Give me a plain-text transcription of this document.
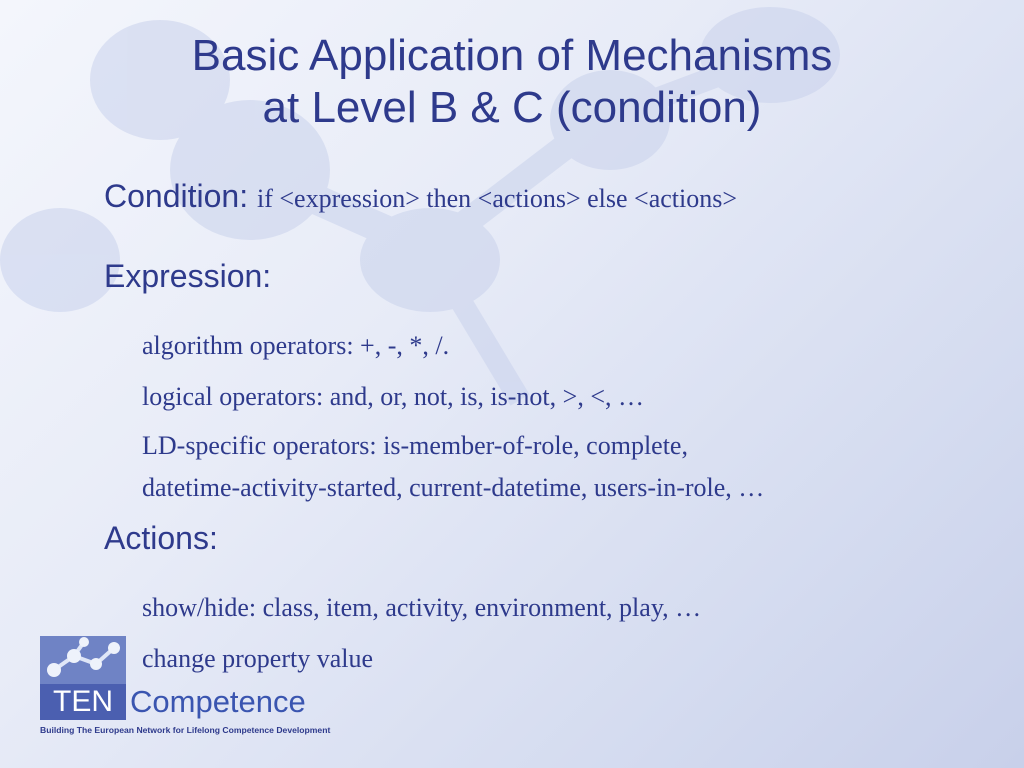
Basic Application of Mechanisms
at Level B & C (condition)
Condition: if <expression> then <actions> else <actions>
Expression:
algorithm operators: +, -, *, /.
logical operators: and, or, not, is, is-not, >, <, …
LD-specific operators: is-member-of-role, complete,
datetime-activity-started, current-datetime, users-in-role, …
Actions:
show/hide: class, item, activity, environment, play, …
change property value
TEN Competence
Building The European Network for Lifelong Competence Development
